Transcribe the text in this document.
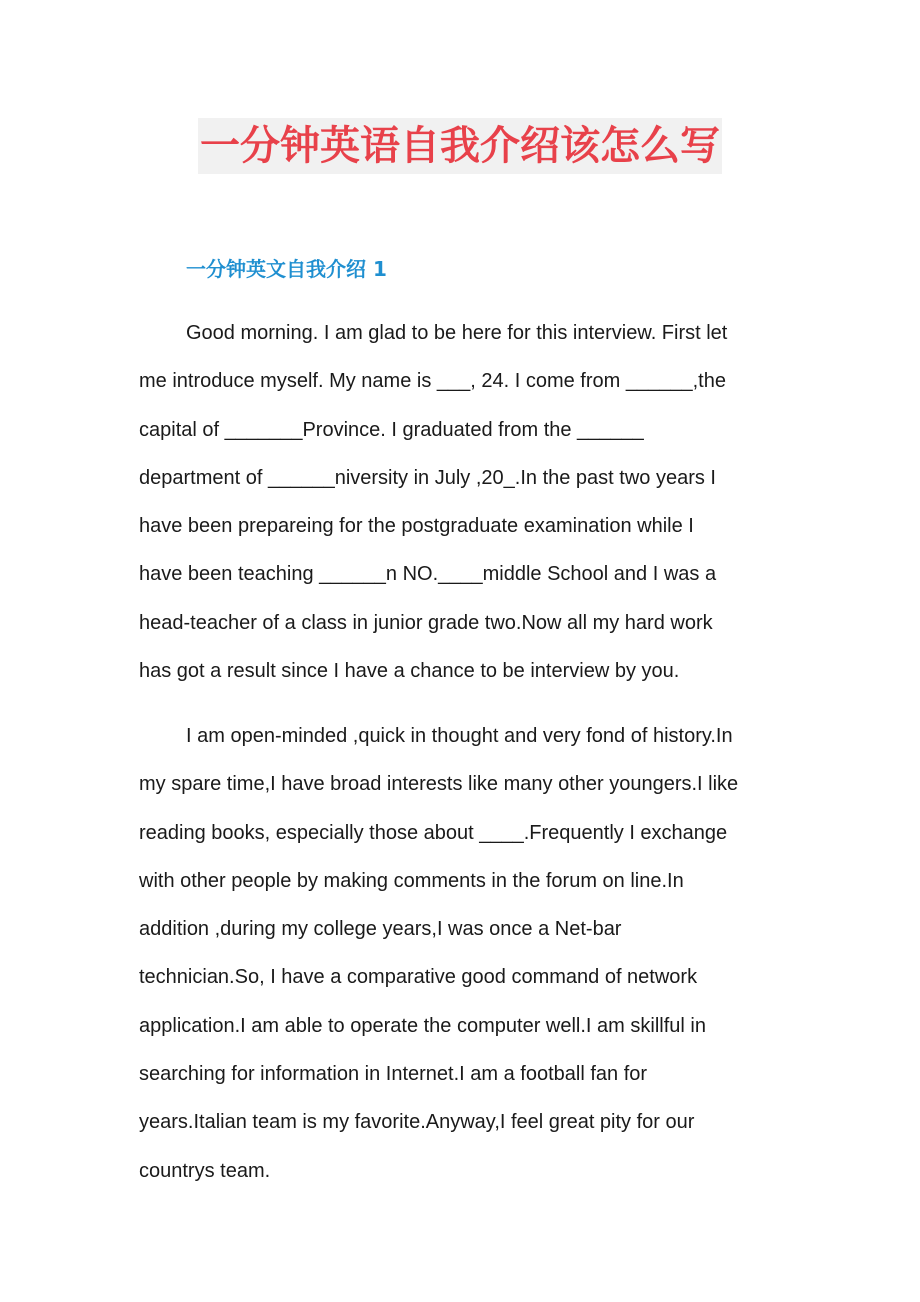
一分钟英语自我介绍该怎么写
一分钟英文自我介绍 1

Good morning. I am glad to be here for this interview. First let
me introduce myself. My name is ___, 24. I come from ______,the
capital of _______Province. I graduated from the ______
department of ______niversity in July ,20_.In the past two years I
have been prepareing for the postgraduate examination while I
have been teaching ______n NO.____middle School and I was a
head-teacher of a class in junior grade two.Now all my hard work
has got a result since I have a chance to be interview by you.

I am open-minded ,quick in thought and very fond of history.In
my spare time,I have broad interests like many other youngers.I like
reading books, especially those about ____.Frequently I exchange
with other people by making comments in the forum on line.In
addition ,during my college years,I was once a Net-bar
technician.So, I have a comparative good command of network
application.I am able to operate the computer well.I am skillful in
searching for information in Internet.I am a football fan for
years.Italian team is my favorite.Anyway,I feel great pity for our
countrys team.
